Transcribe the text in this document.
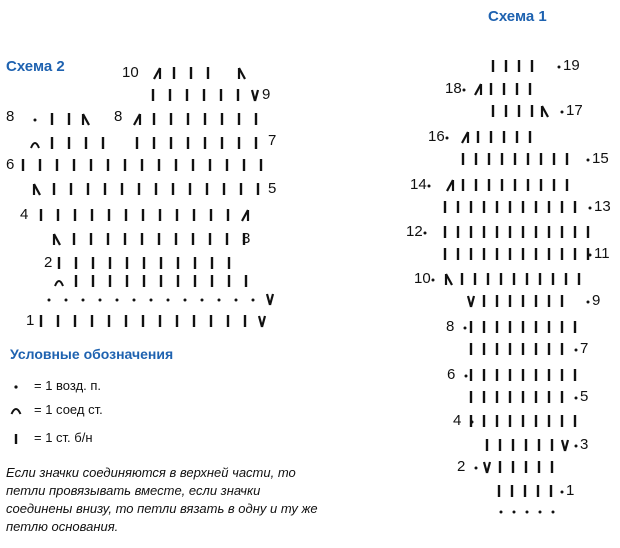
Схема 1
Схема 2	19
18
17
16
15
14
13
12
11
10
9
8
7
6
5
4
3
2
1
10
9
8	8
7
6
5
4
3
2
1
Условные обозначения
= 1 возд. п.
= 1 соед ст.
= 1 ст. б/н
Если значки соединяются в верхней части, то петли провязывать вместе, если значки соединены внизу, то петли вязать в одну и ту же петлю основания.
